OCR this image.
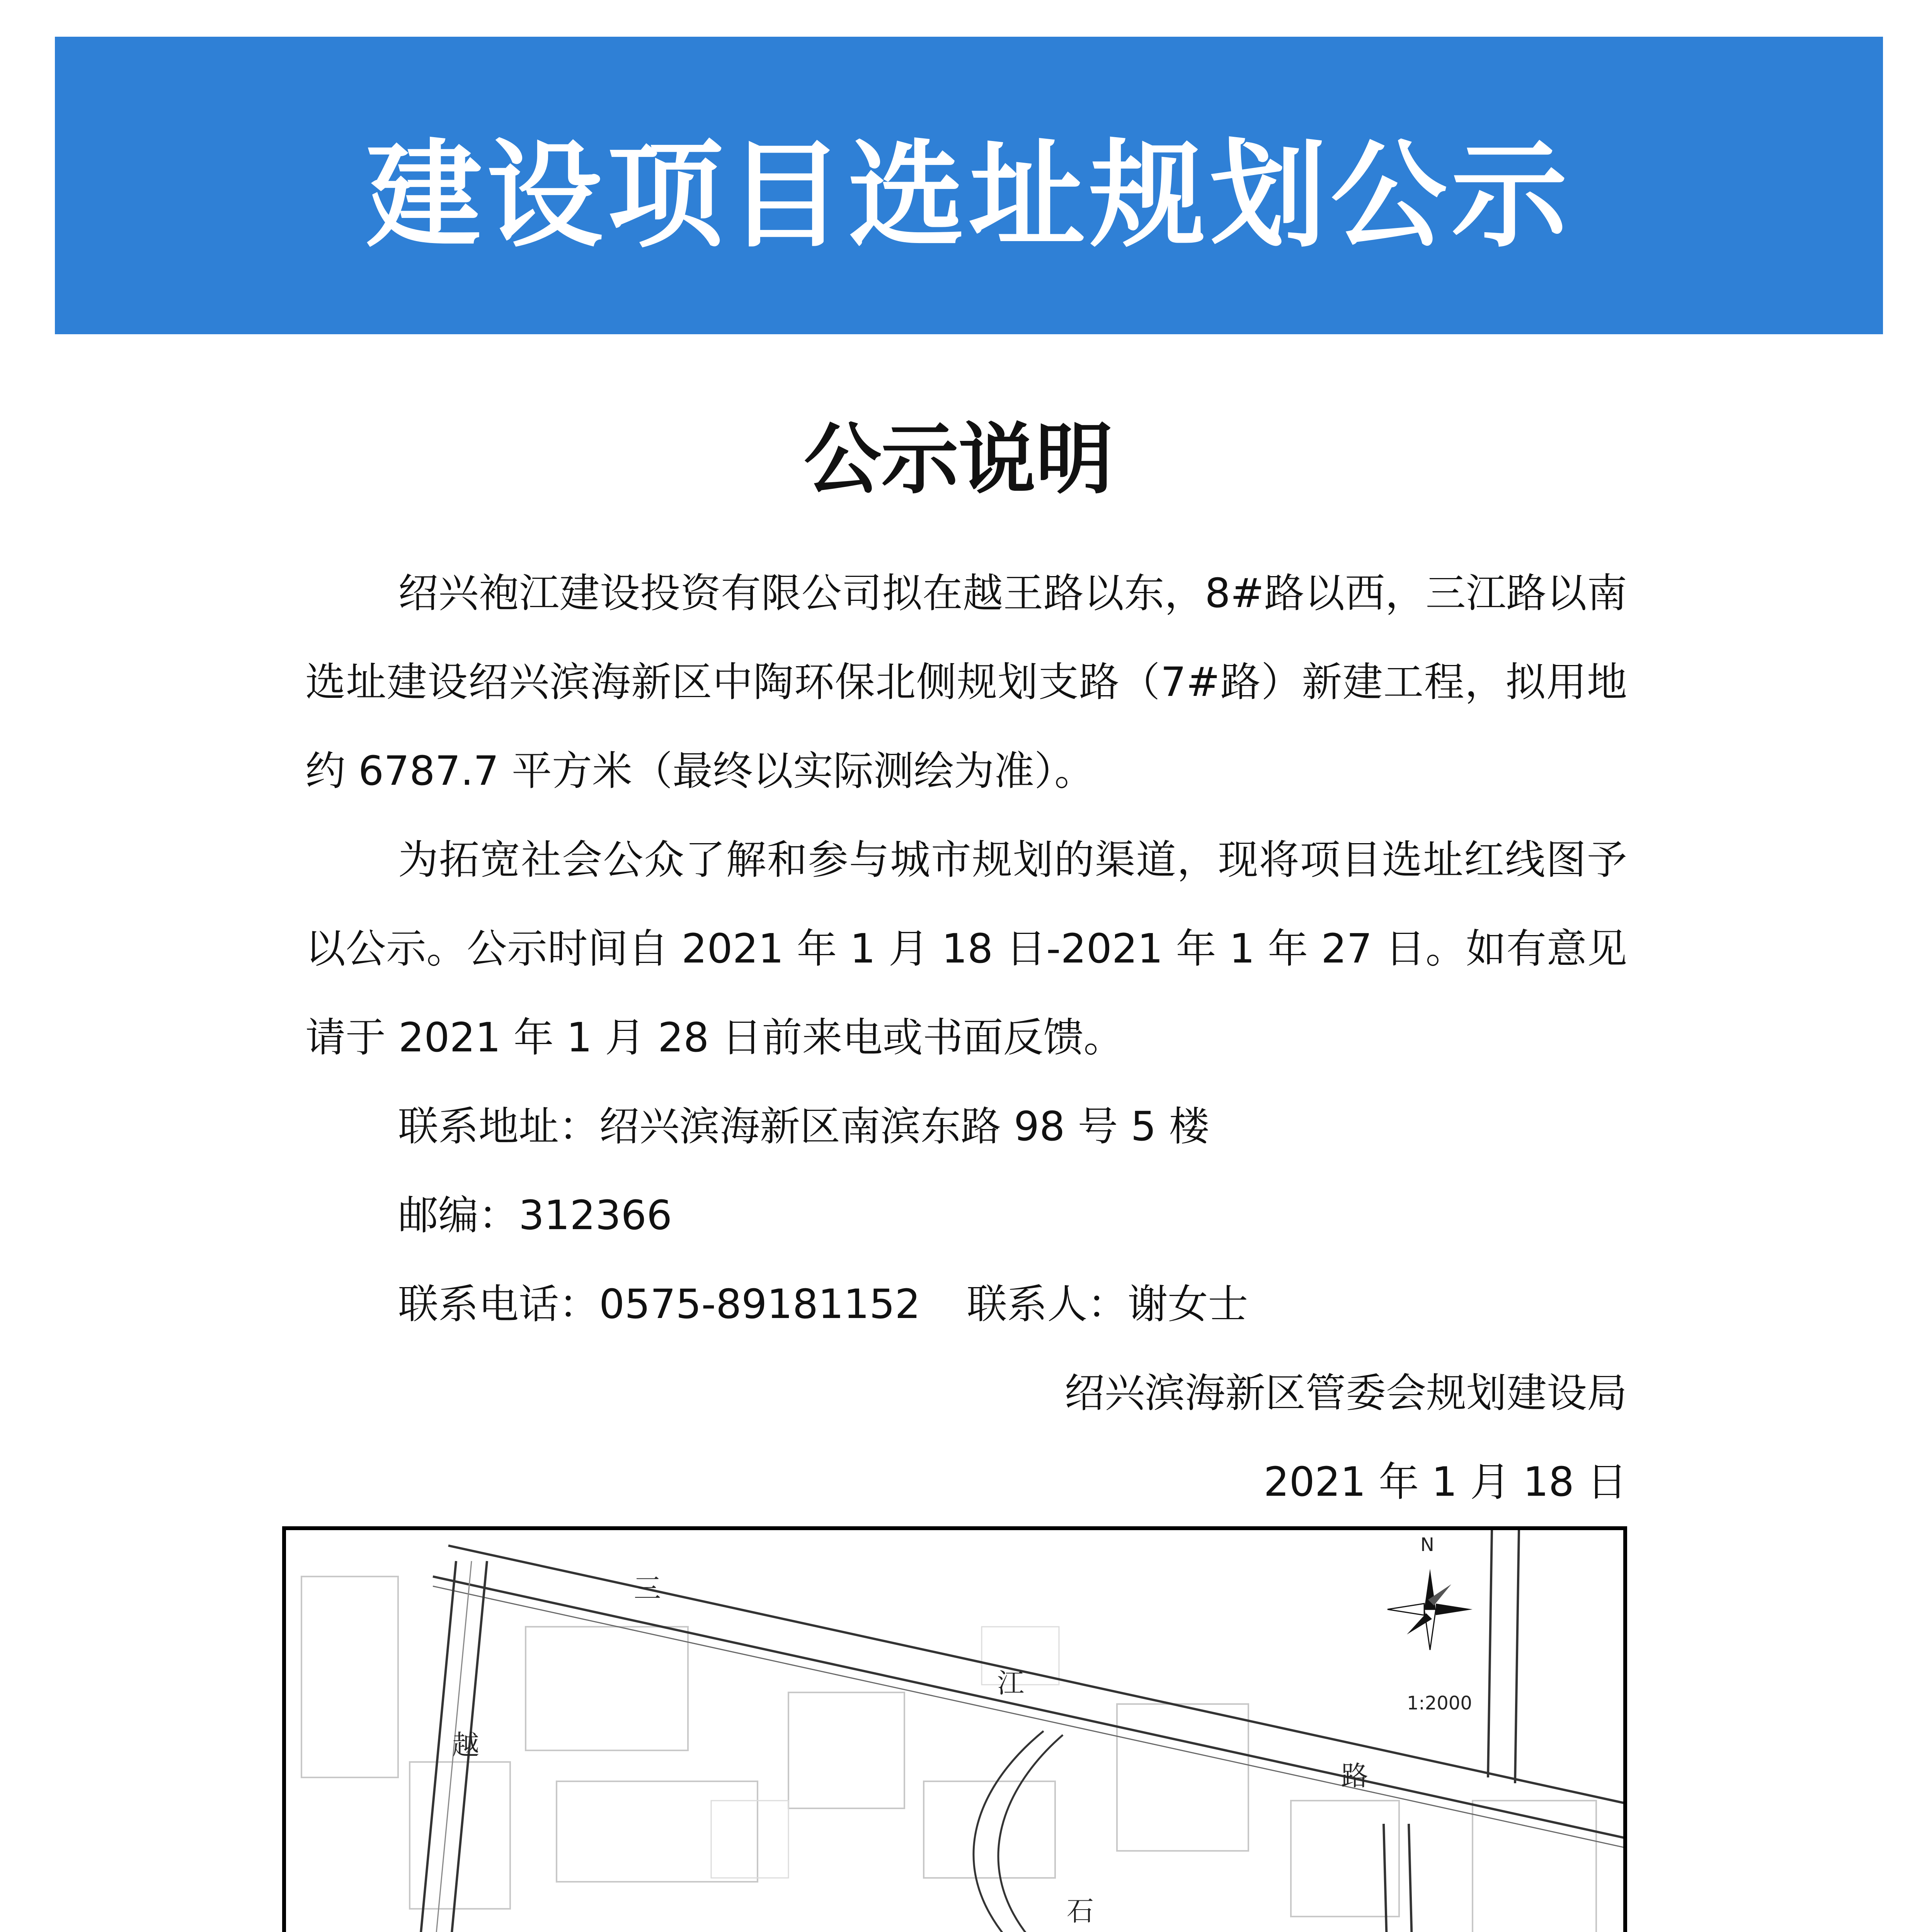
建设项目选址规划公示
公示说明
绍兴袍江建设投资有限公司拟在越王路以东，8#路以西，三江路以南选址建设绍兴滨海新区中陶环保北侧规划支路（7#路）新建工程，拟用地约 6787.7 平方米（最终以实际测绘为准）。
为拓宽社会公众了解和参与城市规划的渠道，现将项目选址红线图予以公示。公示时间自 2021 年 1 月 18 日-2021 年 1 年 27 日。如有意见请于 2021 年 1 月 28 日前来电或书面反馈。
联系地址：绍兴滨海新区南滨东路 98 号 5 楼
邮编：312366
联系电话：0575-89181152 联系人：谢女士
绍兴滨海新区管委会规划建设局
2021 年 1 月 18 日
N
1:2000
三
江
路
越
石
